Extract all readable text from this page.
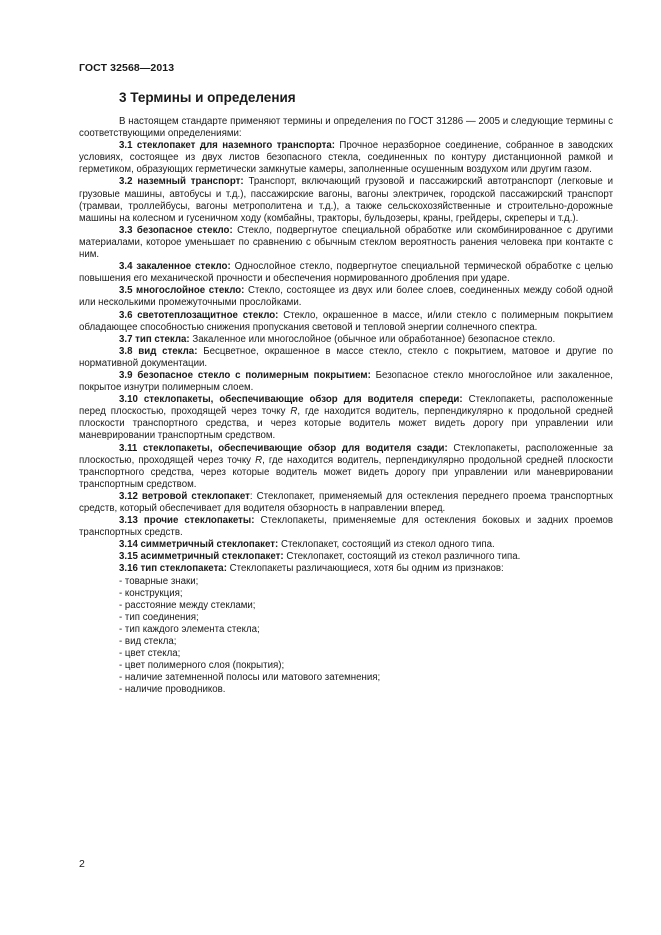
ГОСТ 32568—2013
3 Термины и определения

В настоящем стандарте применяют термины и определения по ГОСТ 31286 — 2005 и следующие термины с соответствующими определениями:

3.1 стеклопакет для наземного транспорта: Прочное неразборное соединение, собранное в заводских условиях, состоящее из двух листов безопасного стекла, соединенных по контуру дистанционной рамкой и герметиком, образующих герметически замкнутые камеры, заполненные осушенным воздухом или другим газом.

3.2 наземный транспорт: Транспорт, включающий грузовой и пассажирский автотранспорт (легковые и грузовые машины, автобусы и т.д.), пассажирские вагоны, вагоны электричек, городской пассажирский транспорт (трамваи, троллейбусы, вагоны метрополитена и т.д.), а также сельскохозяйственные и строительно-дорожные машины на колесном и гусеничном ходу (комбайны, тракторы, бульдозеры, краны, грейдеры, скреперы и т.д.).

3.3 безопасное стекло: Стекло, подвергнутое специальной обработке или скомбинированное с другими материалами, которое уменьшает по сравнению с обычным стеклом вероятность ранения человека при контакте с ним.

3.4 закаленное стекло: Однослойное стекло, подвергнутое специальной термической обработке с целью повышения его механической прочности и обеспечения нормированного дробления при ударе.

3.5 многослойное стекло: Стекло, состоящее из двух или более слоев, соединенных между собой одной или несколькими промежуточными прослойками.

3.6 светотеплозащитное стекло: Стекло, окрашенное в массе, и/или стекло с полимерным покрытием обладающее способностью снижения пропускания световой и тепловой энергии солнечного спектра.

3.7 тип стекла: Закаленное или многослойное (обычное или обработанное) безопасное стекло.

3.8 вид стекла: Бесцветное, окрашенное в массе стекло, стекло с покрытием, матовое и другие по нормативной документации.

3.9 безопасное стекло с полимерным покрытием: Безопасное стекло многослойное или закаленное, покрытое изнутри полимерным слоем.

3.10 стеклопакеты, обеспечивающие обзор для водителя спереди: Стеклопакеты, расположенные перед плоскостью, проходящей через точку R, где находится водитель, перпендикулярно к продольной средней плоскости транспортного средства, и через которые водитель может видеть дорогу при управлении или маневрировании транспортным средством.

3.11 стеклопакеты, обеспечивающие обзор для водителя сзади: Стеклопакеты, расположенные за плоскостью, проходящей через точку R, где находится водитель, перпендикулярно продольной средней плоскости транспортного средства, через которые водитель может видеть дорогу при управлении или маневрировании транспортным средством.

3.12 ветровой стеклопакет: Стеклопакет, применяемый для остекления переднего проема транспортных средств, который обеспечивает для водителя обзорность в направлении вперед.

3.13 прочие стеклопакеты: Стеклопакеты, применяемые для остекления боковых и задних проемов транспортных средств.

3.14 симметричный стеклопакет: Стеклопакет, состоящий из стекол одного типа.

3.15 асимметричный стеклопакет: Стеклопакет, состоящий из стекол различного типа.

3.16 тип стеклопакета: Стеклопакеты различающиеся, хотя бы одним из признаков:

- товарные знаки;
- конструкция;
- расстояние между стеклами;
- тип соединения;
- тип каждого элемента стекла;
- вид стекла;
- цвет стекла;
- цвет полимерного слоя (покрытия);
- наличие затемненной полосы или матового затемнения;
- наличие проводников.
2
